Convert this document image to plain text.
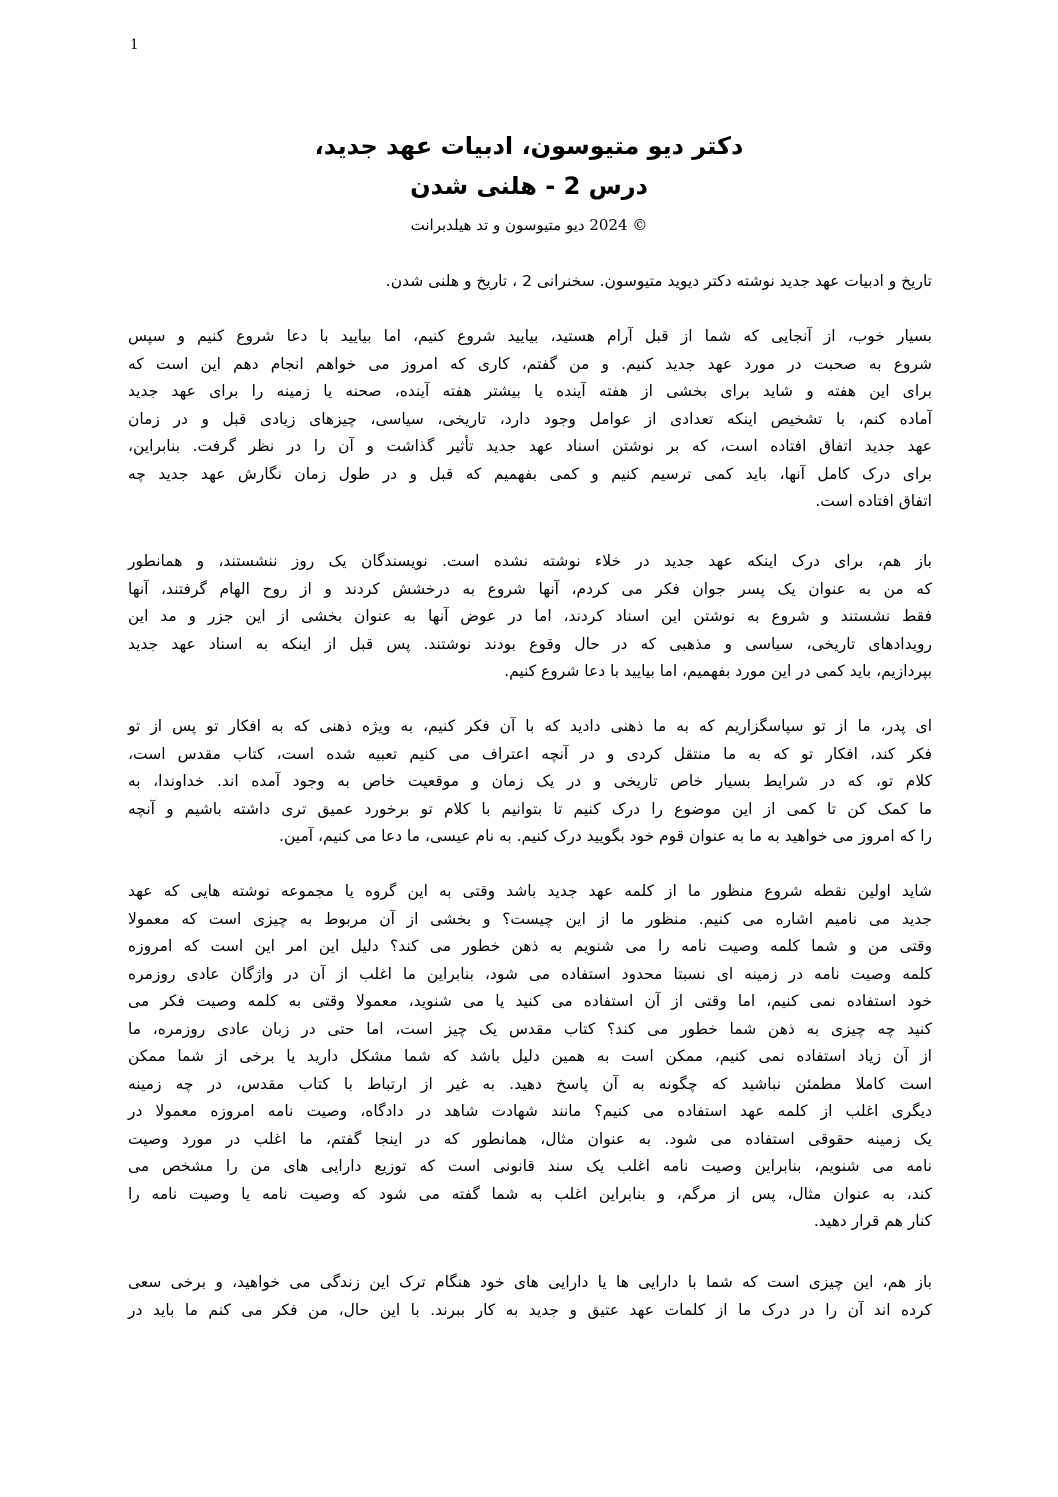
1
دکتر دیو متیوسون، ادبیات عهد جدید،
درس 2 - هلنی شدن
© 2024 دیو متیوسون و تد هیلدبرانت
تاریخ و ادبیات عهد جدید نوشته دکتر دیوید متیوسون. سخنرانی 2 ، تاریخ و هلنی شدن.
بسیار خوب، از آنجایی که شما از قبل آرام هستید، بیایید شروع کنیم، اما بیایید با دعا شروع کنیم و سپس
شروع به صحبت در مورد عهد جدید کنیم. و من گفتم، کاری که امروز می خواهم انجام دهم این است که
برای این هفته و شاید برای بخشی از هفته آینده یا بیشتر هفته آینده، صحنه یا زمینه را برای عهد جدید
آماده کنم، با تشخیص اینکه تعدادی از عوامل وجود دارد، تاریخی، سیاسی، چیزهای زیادی قبل و در زمان
عهد جدید اتفاق افتاده است، که بر نوشتن اسناد عهد جدید تأثیر گذاشت و آن را در نظر گرفت. بنابراین،
برای درک کامل آنها، باید کمی ترسیم کنیم و کمی بفهمیم که قبل و در طول زمان نگارش عهد جدید چه
اتفاق افتاده است.
باز هم، برای درک اینکه عهد جدید در خلاء نوشته نشده است. نویسندگان یک روز ننشستند، و همانطور
که من به عنوان یک پسر جوان فکر می کردم، آنها شروع به درخشش کردند و از روح الهام گرفتند، آنها
فقط نشستند و شروع به نوشتن این اسناد کردند، اما در عوض آنها به عنوان بخشی از این جزر و مد این
رویدادهای تاریخی، سیاسی و مذهبی که در حال وقوع بودند نوشتند. پس قبل از اینکه به اسناد عهد جدید
بپردازیم، باید کمی در این مورد بفهمیم، اما بیایید با دعا شروع کنیم.
ای پدر، ما از تو سپاسگزاریم که به ما ذهنی دادید که با آن فکر کنیم، به ویژه ذهنی که به افکار تو پس از تو
فکر کند، افکار تو که به ما منتقل کردی و در آنچه اعتراف می کنیم تعبیه شده است، کتاب مقدس است،
کلام تو، که در شرایط بسیار خاص تاریخی و در یک زمان و موقعیت خاص به وجود آمده اند. خداوندا، به
ما کمک کن تا کمی از این موضوع را درک کنیم تا بتوانیم با کلام تو برخورد عمیق تری داشته باشیم و آنچه
را که امروز می خواهید به ما به عنوان قوم خود بگویید درک کنیم. به نام عیسی، ما دعا می کنیم، آمین.
شاید اولین نقطه شروع منظور ما از کلمه عهد جدید باشد وقتی به این گروه یا مجموعه نوشته هایی که عهد
جدید می نامیم اشاره می کنیم. منظور ما از این چیست؟ و بخشی از آن مربوط به چیزی است که معمولا
وقتی من و شما کلمه وصیت نامه را می شنویم به ذهن خطور می کند؟ دلیل این امر این است که امروزه
کلمه وصیت نامه در زمینه ای نسبتا محدود استفاده می شود، بنابراین ما اغلب از آن در واژگان عادی روزمره
خود استفاده نمی کنیم، اما وقتی از آن استفاده می کنید یا می شنوید، معمولا وقتی به کلمه وصیت فکر می
کنید چه چیزی به ذهن شما خطور می کند؟ کتاب مقدس یک چیز است، اما حتی در زبان عادی روزمره، ما
از آن زیاد استفاده نمی کنیم، ممکن است به همین دلیل باشد که شما مشکل دارید یا برخی از شما ممکن
است کاملا مطمئن نباشید که چگونه به آن پاسخ دهید. به غیر از ارتباط با کتاب مقدس، در چه زمینه
دیگری اغلب از کلمه عهد استفاده می کنیم؟ مانند شهادت شاهد در دادگاه، وصیت نامه امروزه معمولا در
یک زمینه حقوقی استفاده می شود. به عنوان مثال، همانطور که در اینجا گفتم، ما اغلب در مورد وصیت
نامه می شنویم، بنابراین وصیت نامه اغلب یک سند قانونی است که توزیع دارایی های من را مشخص می
کند، به عنوان مثال، پس از مرگم، و بنابراین اغلب به شما گفته می شود که وصیت نامه یا وصیت نامه را
کنار هم قرار دهید.
باز هم، این چیزی است که شما با دارایی ها یا دارایی های خود هنگام ترک این زندگی می خواهید، و برخی سعی
کرده اند آن را در درک ما از کلمات عهد عتیق و جدید به کار ببرند. با این حال، من فکر می کنم ما باید در
